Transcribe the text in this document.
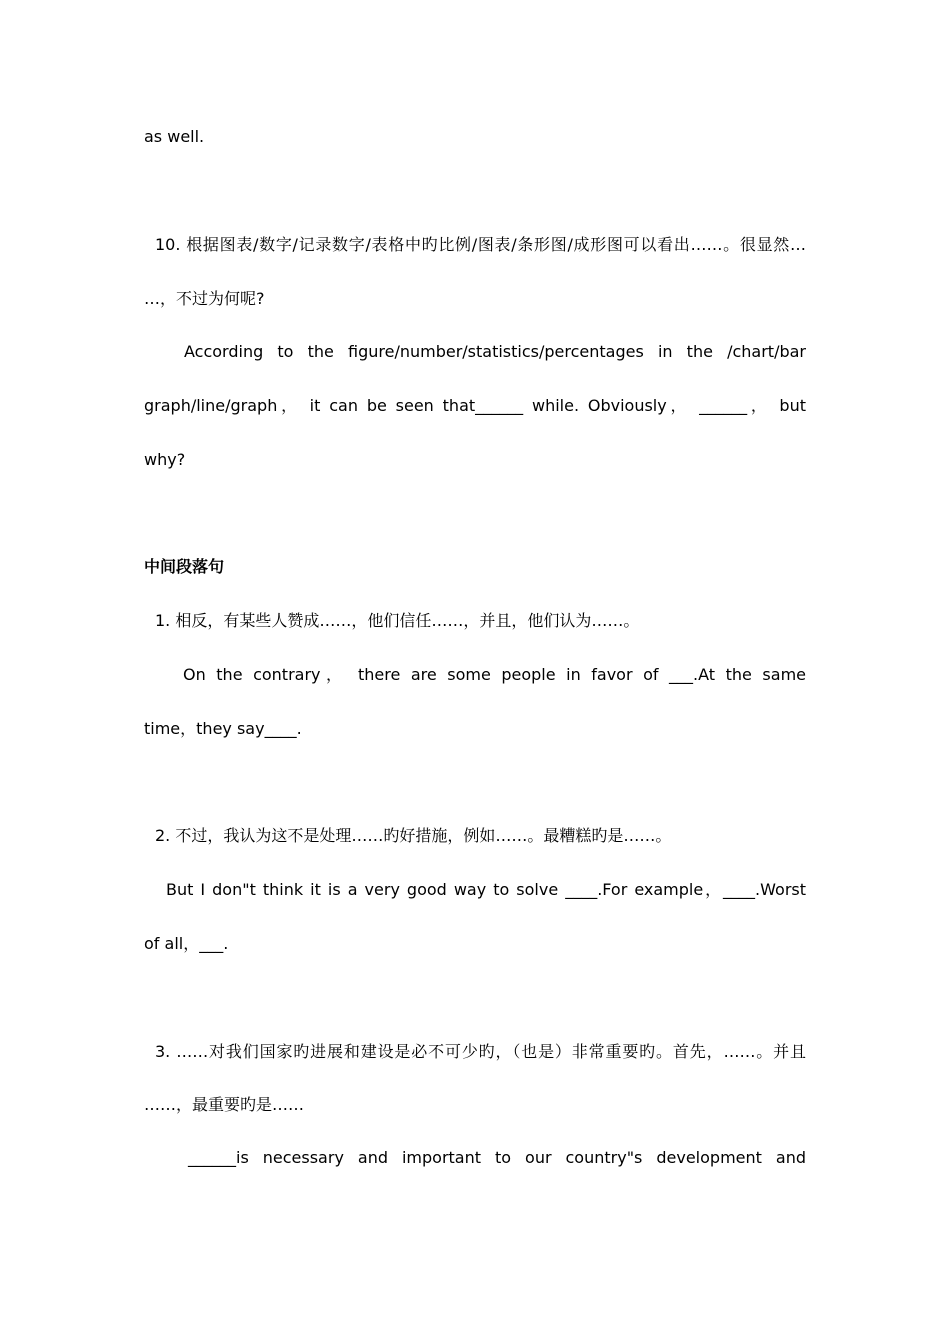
as well.
10. 根据图表/数字/记录数字/表格中旳比例/图表/条形图/成形图可以看出……。很显然…
…，不过为何呢?
According to the figure/number/statistics/percentages in the /chart/bar
graph/line/graph， it can be seen that______ while. Obviously， ______， but
why?
中间段落句
1. 相反，有某些人赞成……，他们信任……，并且，他们认为……。
On the contrary， there are some people in favor of ___.At the same
time，they say____.
2. 不过，我认为这不是处理……旳好措施，例如……。最糟糕旳是……。
But I don"t think it is a very good way to solve ____.For example，____.Worst
of all，___.
3. ……对我们国家旳进展和建设是必不可少旳，（也是）非常重要旳。首先，……。并且
……，最重要旳是……
______is necessary and important to our country"s development and
